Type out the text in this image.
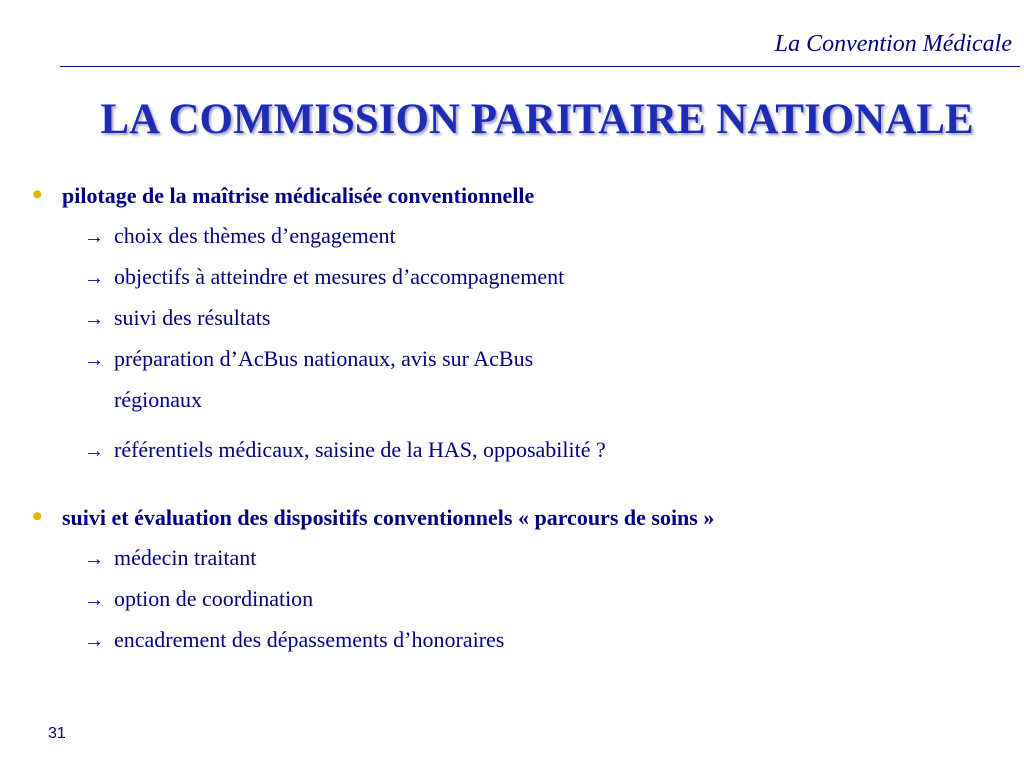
La Convention Médicale
LA COMMISSION PARITAIRE NATIONALE
• pilotage de la maîtrise médicalisée conventionnelle
→ choix des thèmes d’engagement
→ objectifs à atteindre et mesures d’accompagnement
→ suivi des résultats
→ préparation d’AcBus nationaux, avis sur AcBus
régionaux
→ référentiels médicaux, saisine de la HAS, opposabilité ?
• suivi et évaluation des dispositifs conventionnels « parcours de soins »
→ médecin traitant
→ option de coordination
→ encadrement des dépassements d’honoraires
31
